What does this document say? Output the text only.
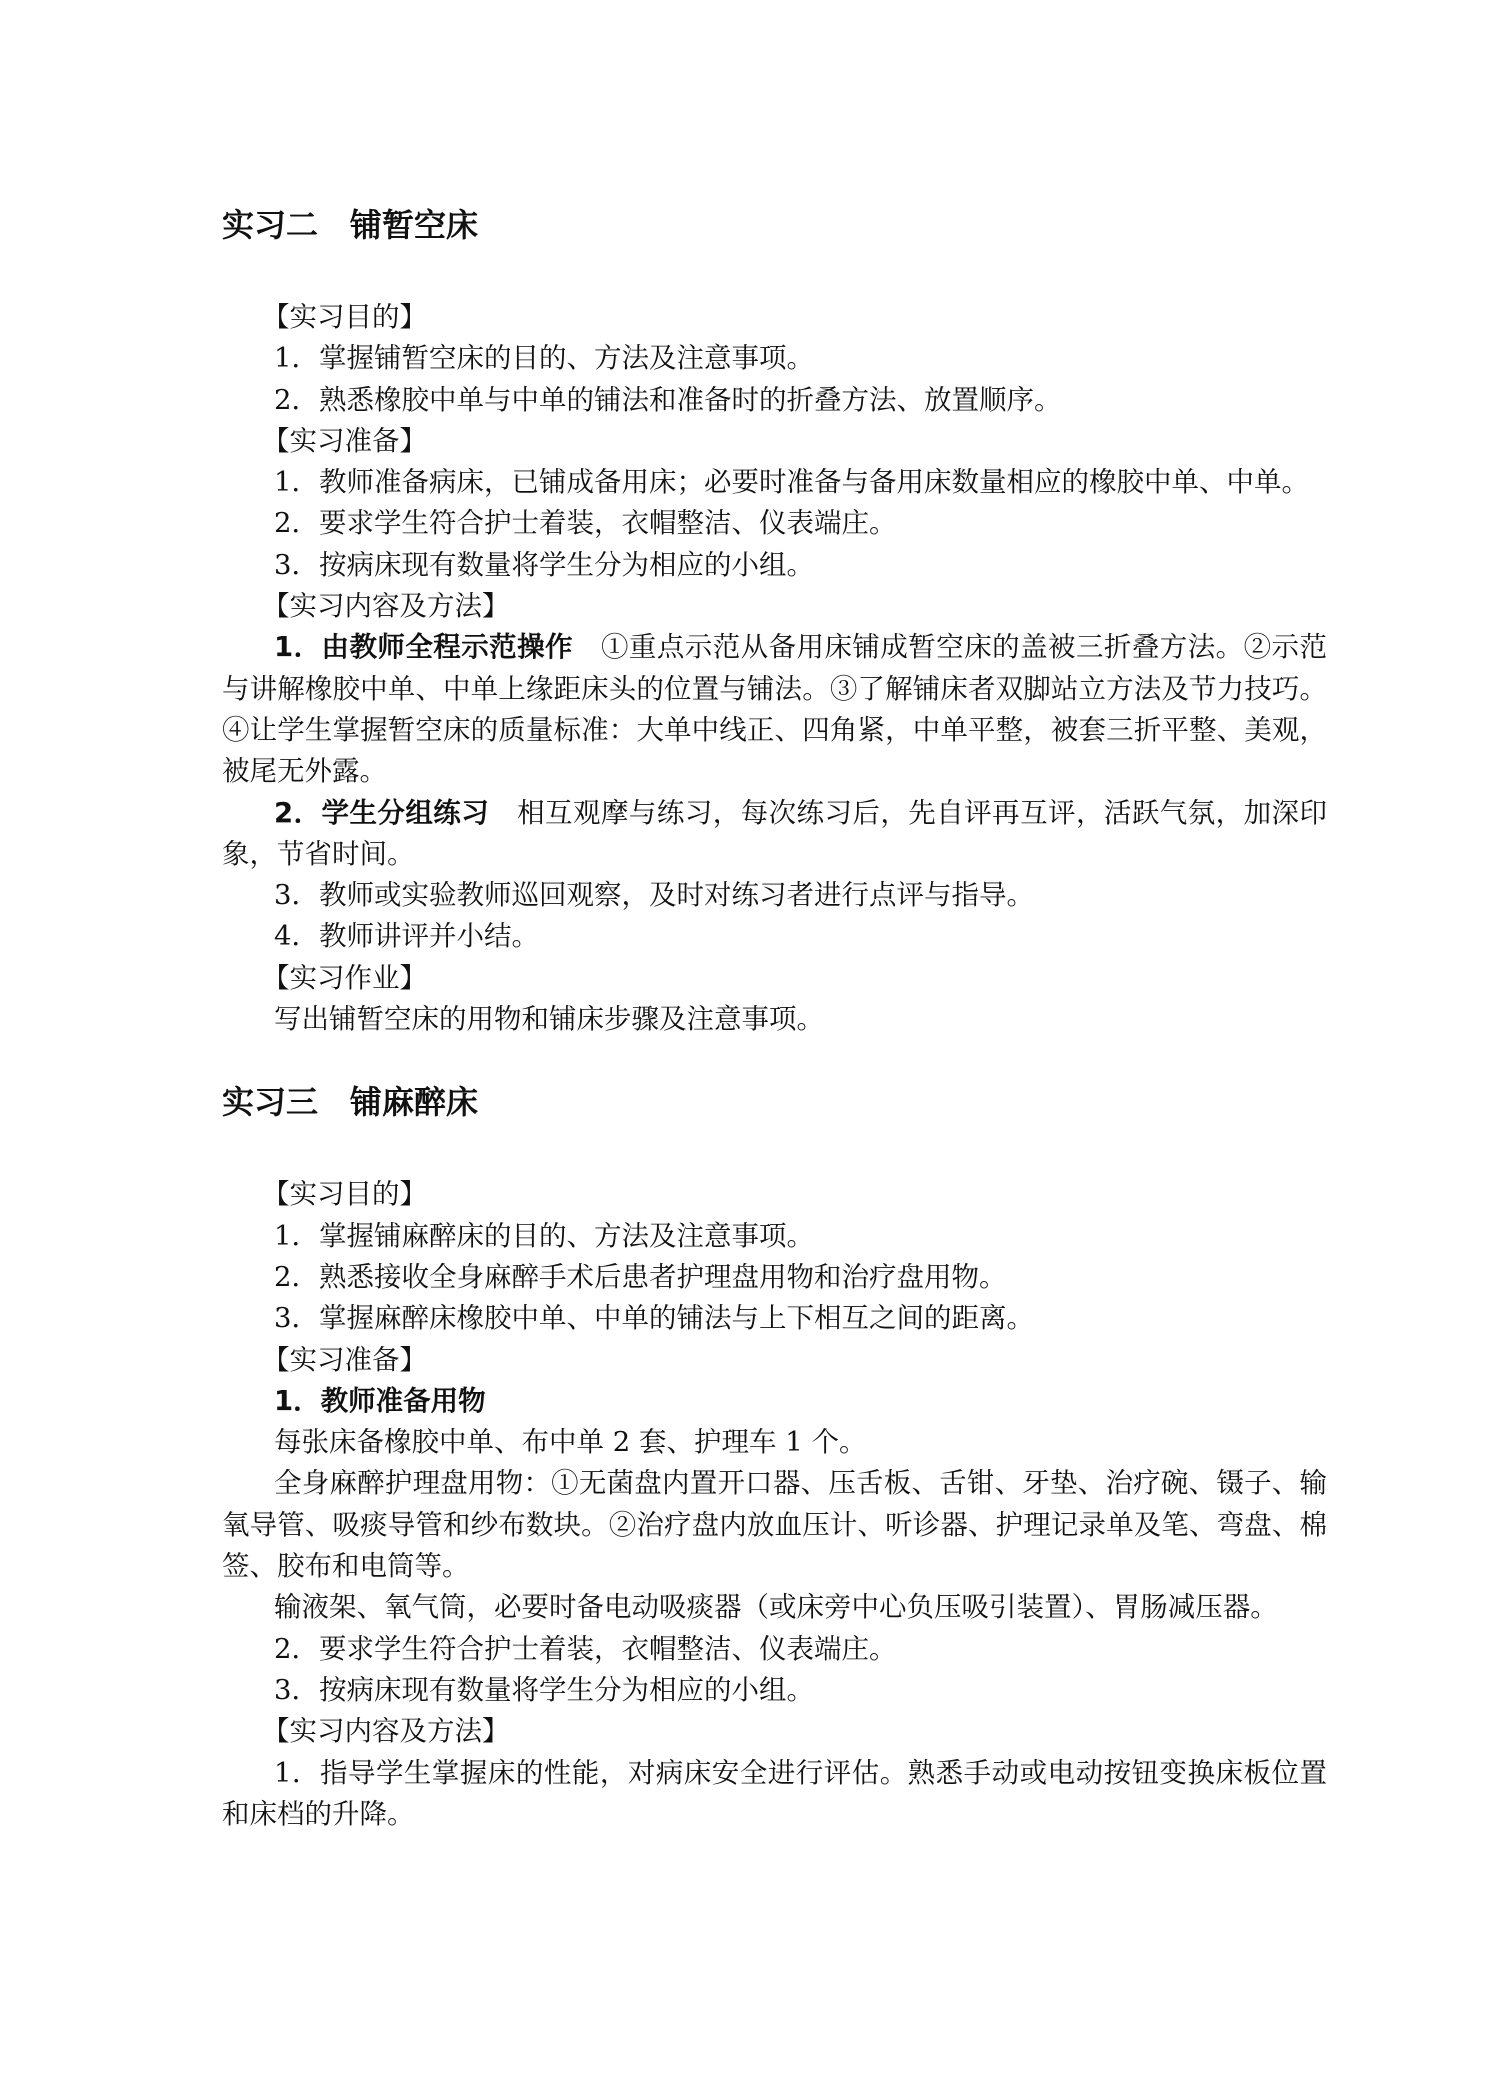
实习二　铺暂空床

【实习目的】

1．掌握铺暂空床的目的、方法及注意事项。

2．熟悉橡胶中单与中单的铺法和准备时的折叠方法、放置顺序。

【实习准备】

1．教师准备病床，已铺成备用床；必要时准备与备用床数量相应的橡胶中单、中单。

2．要求学生符合护士着装，衣帽整洁、仪表端庄。

3．按病床现有数量将学生分为相应的小组。

【实习内容及方法】

1．由教师全程示范操作　①重点示范从备用床铺成暂空床的盖被三折叠方法。②示范与讲解橡胶中单、中单上缘距床头的位置与铺法。③了解铺床者双脚站立方法及节力技巧。④让学生掌握暂空床的质量标准：大单中线正、四角紧，中单平整，被套三折平整、美观，被尾无外露。

2．学生分组练习　相互观摩与练习，每次练习后，先自评再互评，活跃气氛，加深印象，节省时间。

3．教师或实验教师巡回观察，及时对练习者进行点评与指导。

4．教师讲评并小结。

【实习作业】

写出铺暂空床的用物和铺床步骤及注意事项。

实习三　铺麻醉床

【实习目的】

1．掌握铺麻醉床的目的、方法及注意事项。

2．熟悉接收全身麻醉手术后患者护理盘用物和治疗盘用物。

3．掌握麻醉床橡胶中单、中单的铺法与上下相互之间的距离。

【实习准备】

1．教师准备用物

每张床备橡胶中单、布中单 2 套、护理车 1 个。

全身麻醉护理盘用物：①无菌盘内置开口器、压舌板、舌钳、牙垫、治疗碗、镊子、输氧导管、吸痰导管和纱布数块。②治疗盘内放血压计、听诊器、护理记录单及笔、弯盘、棉签、胶布和电筒等。

输液架、氧气筒，必要时备电动吸痰器（或床旁中心负压吸引装置）、胃肠减压器。

2．要求学生符合护士着装，衣帽整洁、仪表端庄。

3．按病床现有数量将学生分为相应的小组。

【实习内容及方法】

1．指导学生掌握床的性能，对病床安全进行评估。熟悉手动或电动按钮变换床板位置和床档的升降。
